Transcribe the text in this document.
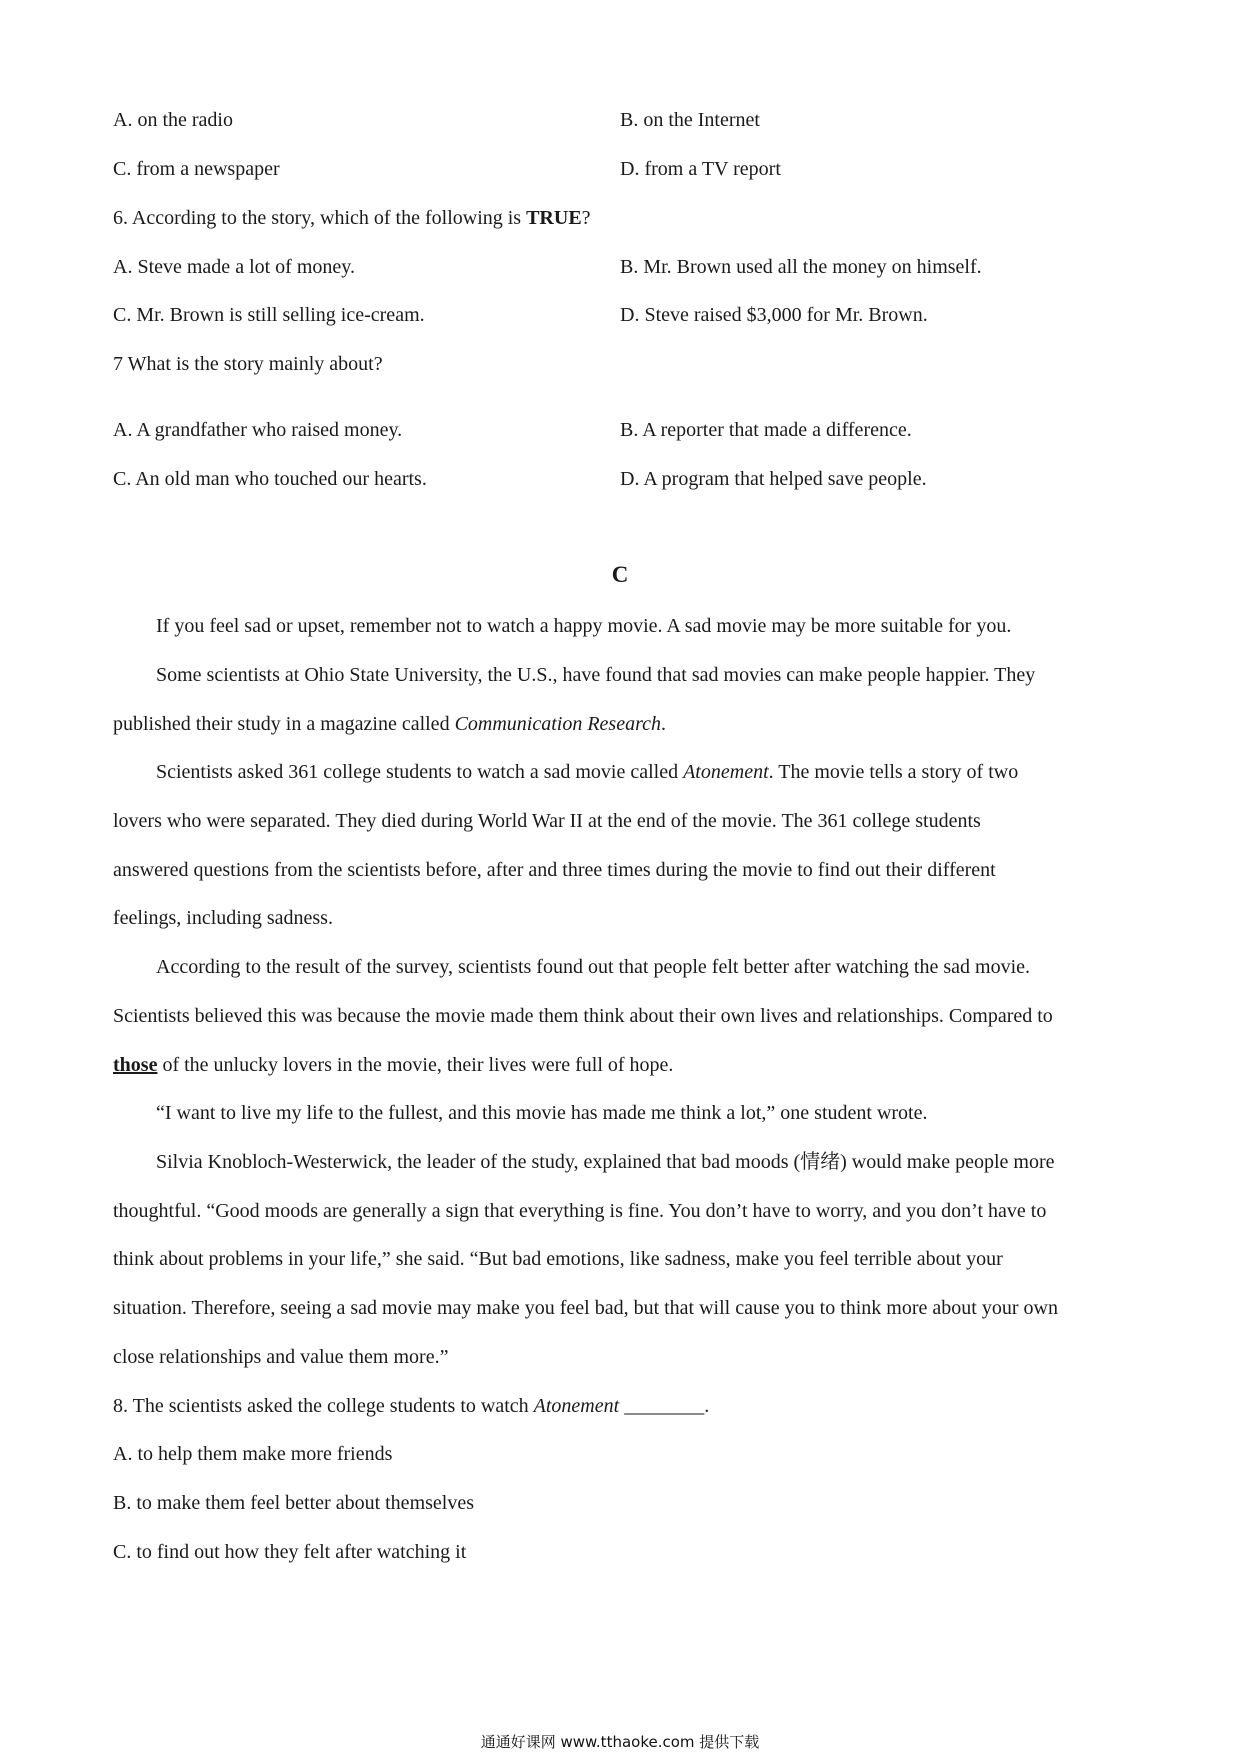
A. on the radio	B. on the Internet
C. from a newspaper	D. from a TV report
6. According to the story, which of the following is TRUE?
A. Steve made a lot of money.	B. Mr. Brown used all the money on himself.
C. Mr. Brown is still selling ice-cream.	D. Steve raised $3,000 for Mr. Brown.
7 What is the story mainly about?
A. A grandfather who raised money.	B. A reporter that made a difference.
C. An old man who touched our hearts.	D. A program that helped save people.
C
If you feel sad or upset, remember not to watch a happy movie. A sad movie may be more suitable for you.
Some scientists at Ohio State University, the U.S., have found that sad movies can make people happier. They
published their study in a magazine called Communication Research.
Scientists asked 361 college students to watch a sad movie called Atonement. The movie tells a story of two
lovers who were separated. They died during World War II at the end of the movie. The 361 college students
answered questions from the scientists before, after and three times during the movie to find out their different
feelings, including sadness.
According to the result of the survey, scientists found out that people felt better after watching the sad movie.
Scientists believed this was because the movie made them think about their own lives and relationships. Compared to
those of the unlucky lovers in the movie, their lives were full of hope.
“I want to live my life to the fullest, and this movie has made me think a lot,” one student wrote.
Silvia Knobloch-Westerwick, the leader of the study, explained that bad moods (情绪) would make people more
thoughtful. “Good moods are generally a sign that everything is fine. You don’t have to worry, and you don’t have to
think about problems in your life,” she said. “But bad emotions, like sadness, make you feel terrible about your
situation. Therefore, seeing a sad movie may make you feel bad, but that will cause you to think more about your own
close relationships and value them more.”
8. The scientists asked the college students to watch Atonement ________.
A. to help them make more friends
B. to make them feel better about themselves
C. to find out how they felt after watching it
通通好课网 www.tthaoke.com 提供下载
